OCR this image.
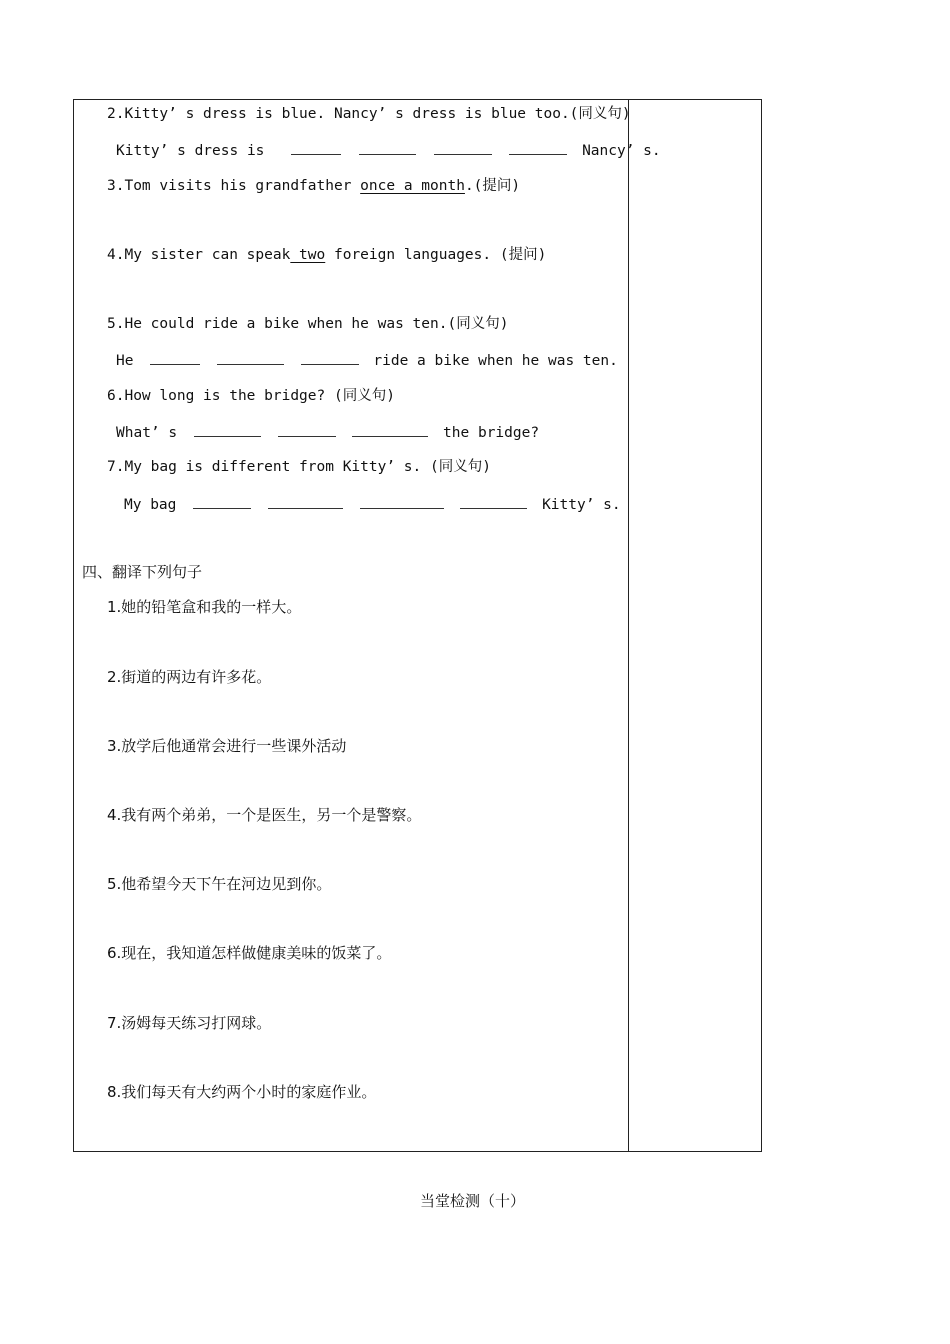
2.Kitty’ s dress is blue. Nancy’ s dress is blue too.(同义句)
Kitty’ s dress is	Nancy’ s.
3.Tom visits his grandfather once a month.(提问)
4.My sister can speak two foreign languages. (提问)
5.He could ride a bike when he was ten.(同义句)
He	ride a bike when he was ten.
6.How long is the bridge? (同义句)
What’ s	the bridge?
7.My bag is different from Kitty’ s. (同义句)
My bag	Kitty’ s.
四、翻译下列句子
1.她的铅笔盒和我的一样大。
2.街道的两边有许多花。
3.放学后他通常会进行一些课外活动
4.我有两个弟弟，一个是医生，另一个是警察。
5.他希望今天下午在河边见到你。
6.现在，我知道怎样做健康美味的饭菜了。
7.汤姆每天练习打网球。
8.我们每天有大约两个小时的家庭作业。
当堂检测（十）
